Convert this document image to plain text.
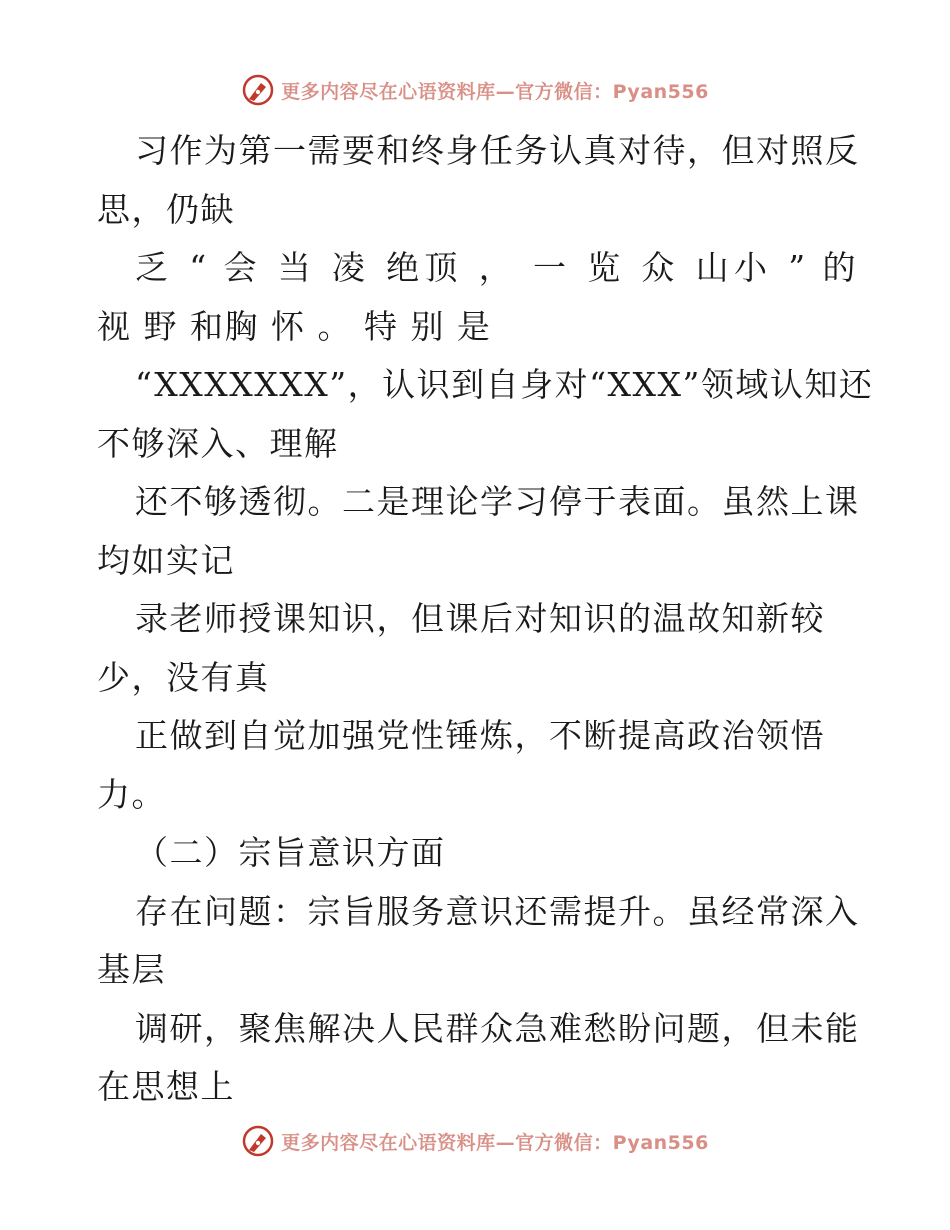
更多内容尽在心语资料库—官方微信：Pyan556
习作为第一需要和终身任务认真对待，但对照反
思，仍缺
乏 “ 会 当 凌 绝顶 ， 一 览 众 山小 ” 的
视 野 和胸 怀 。 特 别 是
“XXXXXXX”，认识到自身对“XXX”领域认知还
不够深入、理解
还不够透彻。二是理论学习停于表面。虽然上课
均如实记
录老师授课知识，但课后对知识的温故知新较
少，没有真
正做到自觉加强党性锤炼，不断提高政治领悟
力。
（二）宗旨意识方面
存在问题：宗旨服务意识还需提升。虽经常深入
基层
调研，聚焦解决人民群众急难愁盼问题，但未能
在思想上
更多内容尽在心语资料库—官方微信：Pyan556
